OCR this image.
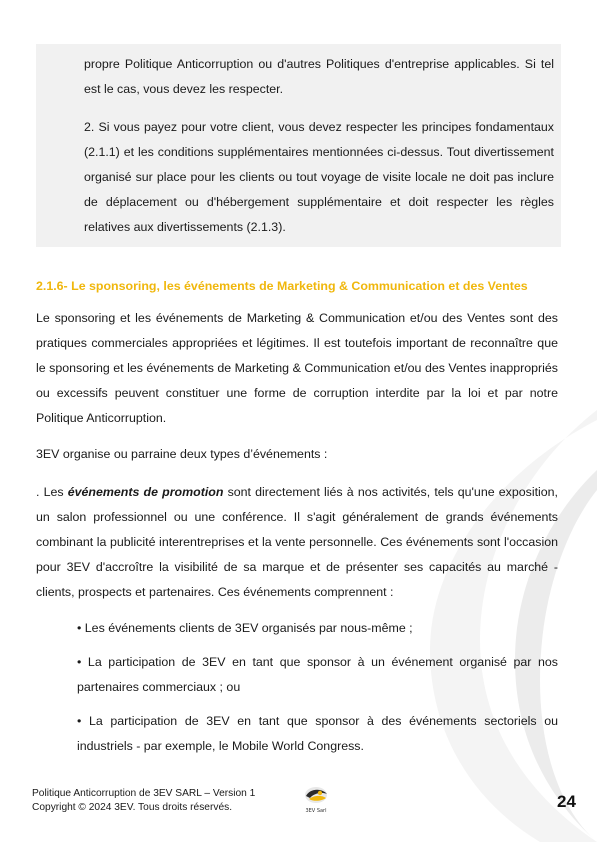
propre Politique Anticorruption ou d'autres Politiques d'entreprise applicables. Si tel est le cas, vous devez les respecter.

2. Si vous payez pour votre client, vous devez respecter les principes fondamentaux (2.1.1) et les conditions supplémentaires mentionnées ci-dessus. Tout divertissement organisé sur place pour les clients ou tout voyage de visite locale ne doit pas inclure de déplacement ou d'hébergement supplémentaire et doit respecter les règles relatives aux divertissements (2.1.3).

2.1.6- Le sponsoring, les événements de Marketing & Communication et des Ventes

Le sponsoring et les événements de Marketing & Communication et/ou des Ventes sont des pratiques commerciales appropriées et légitimes. Il est toutefois important de reconnaître que le sponsoring et les événements de Marketing & Communication et/ou des Ventes inappropriés ou excessifs peuvent constituer une forme de corruption interdite par la loi et par notre Politique Anticorruption.

3EV organise ou parraine deux types d’événements :

. Les événements de promotion sont directement liés à nos activités, tels qu'une exposition, un salon professionnel ou une conférence. Il s'agit généralement de grands événements combinant la publicité interentreprises et la vente personnelle. Ces événements sont l'occasion pour 3EV d'accroître la visibilité de sa marque et de présenter ses capacités au marché - clients, prospects et partenaires. Ces événements comprennent :

• Les événements clients de 3EV organisés par nous-même ;
• La participation de 3EV en tant que sponsor à un événement organisé par nos partenaires commerciaux ; ou
• La participation de 3EV en tant que sponsor à des événements sectoriels ou industriels - par exemple, le Mobile World Congress.
Politique Anticorruption de 3EV SARL – Version 1
Copyright © 2024 3EV. Tous droits réservés.	3EV Sarl	24
